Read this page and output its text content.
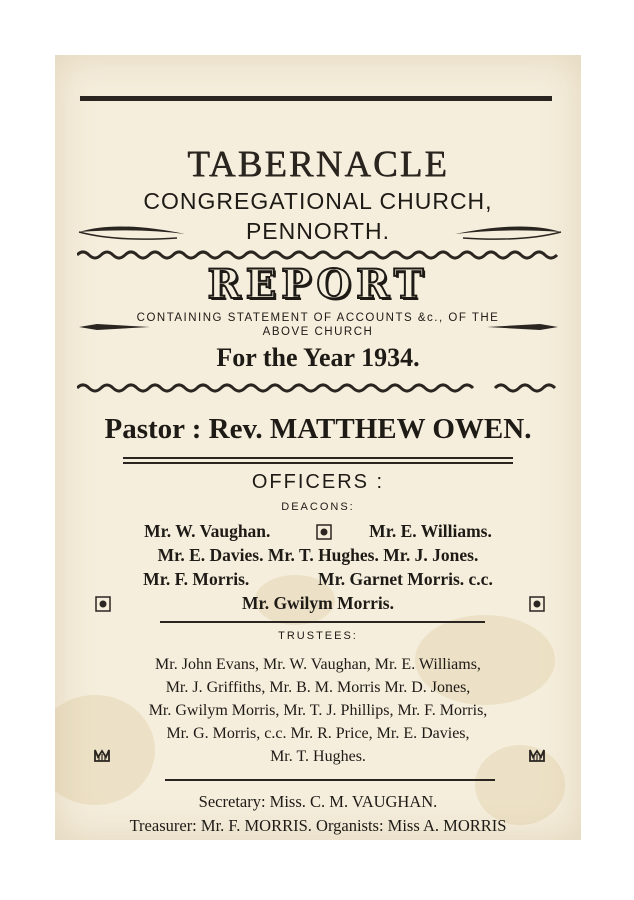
TABERNACLE
CONGREGATIONAL CHURCH,
PENNORTH.
REPORT
CONTAINING STATEMENT OF ACCOUNTS &c., OF THE
ABOVE CHURCH
For the Year 1934.
Pastor : Rev. MATTHEW OWEN.
OFFICERS :
DEACONS:
Mr. W. Vaughan.	Mr. E. Williams.
Mr. E. Davies. Mr. T. Hughes. Mr. J. Jones.
Mr. F. Morris.	Mr. Garnet Morris. c.c.
Mr. Gwilym Morris.
TRUSTEES:
Mr. John Evans, Mr. W. Vaughan, Mr. E. Williams,
Mr. J. Griffiths, Mr. B. M. Morris Mr. D. Jones,
Mr. Gwilym Morris, Mr. T. J. Phillips, Mr. F. Morris,
Mr. G. Morris, c.c. Mr. R. Price, Mr. E. Davies,
Mr. T. Hughes.
Secretary: Miss. C. M. VAUGHAN.
Treasurer: Mr. F. MORRIS. Organists: Miss A. MORRIS
